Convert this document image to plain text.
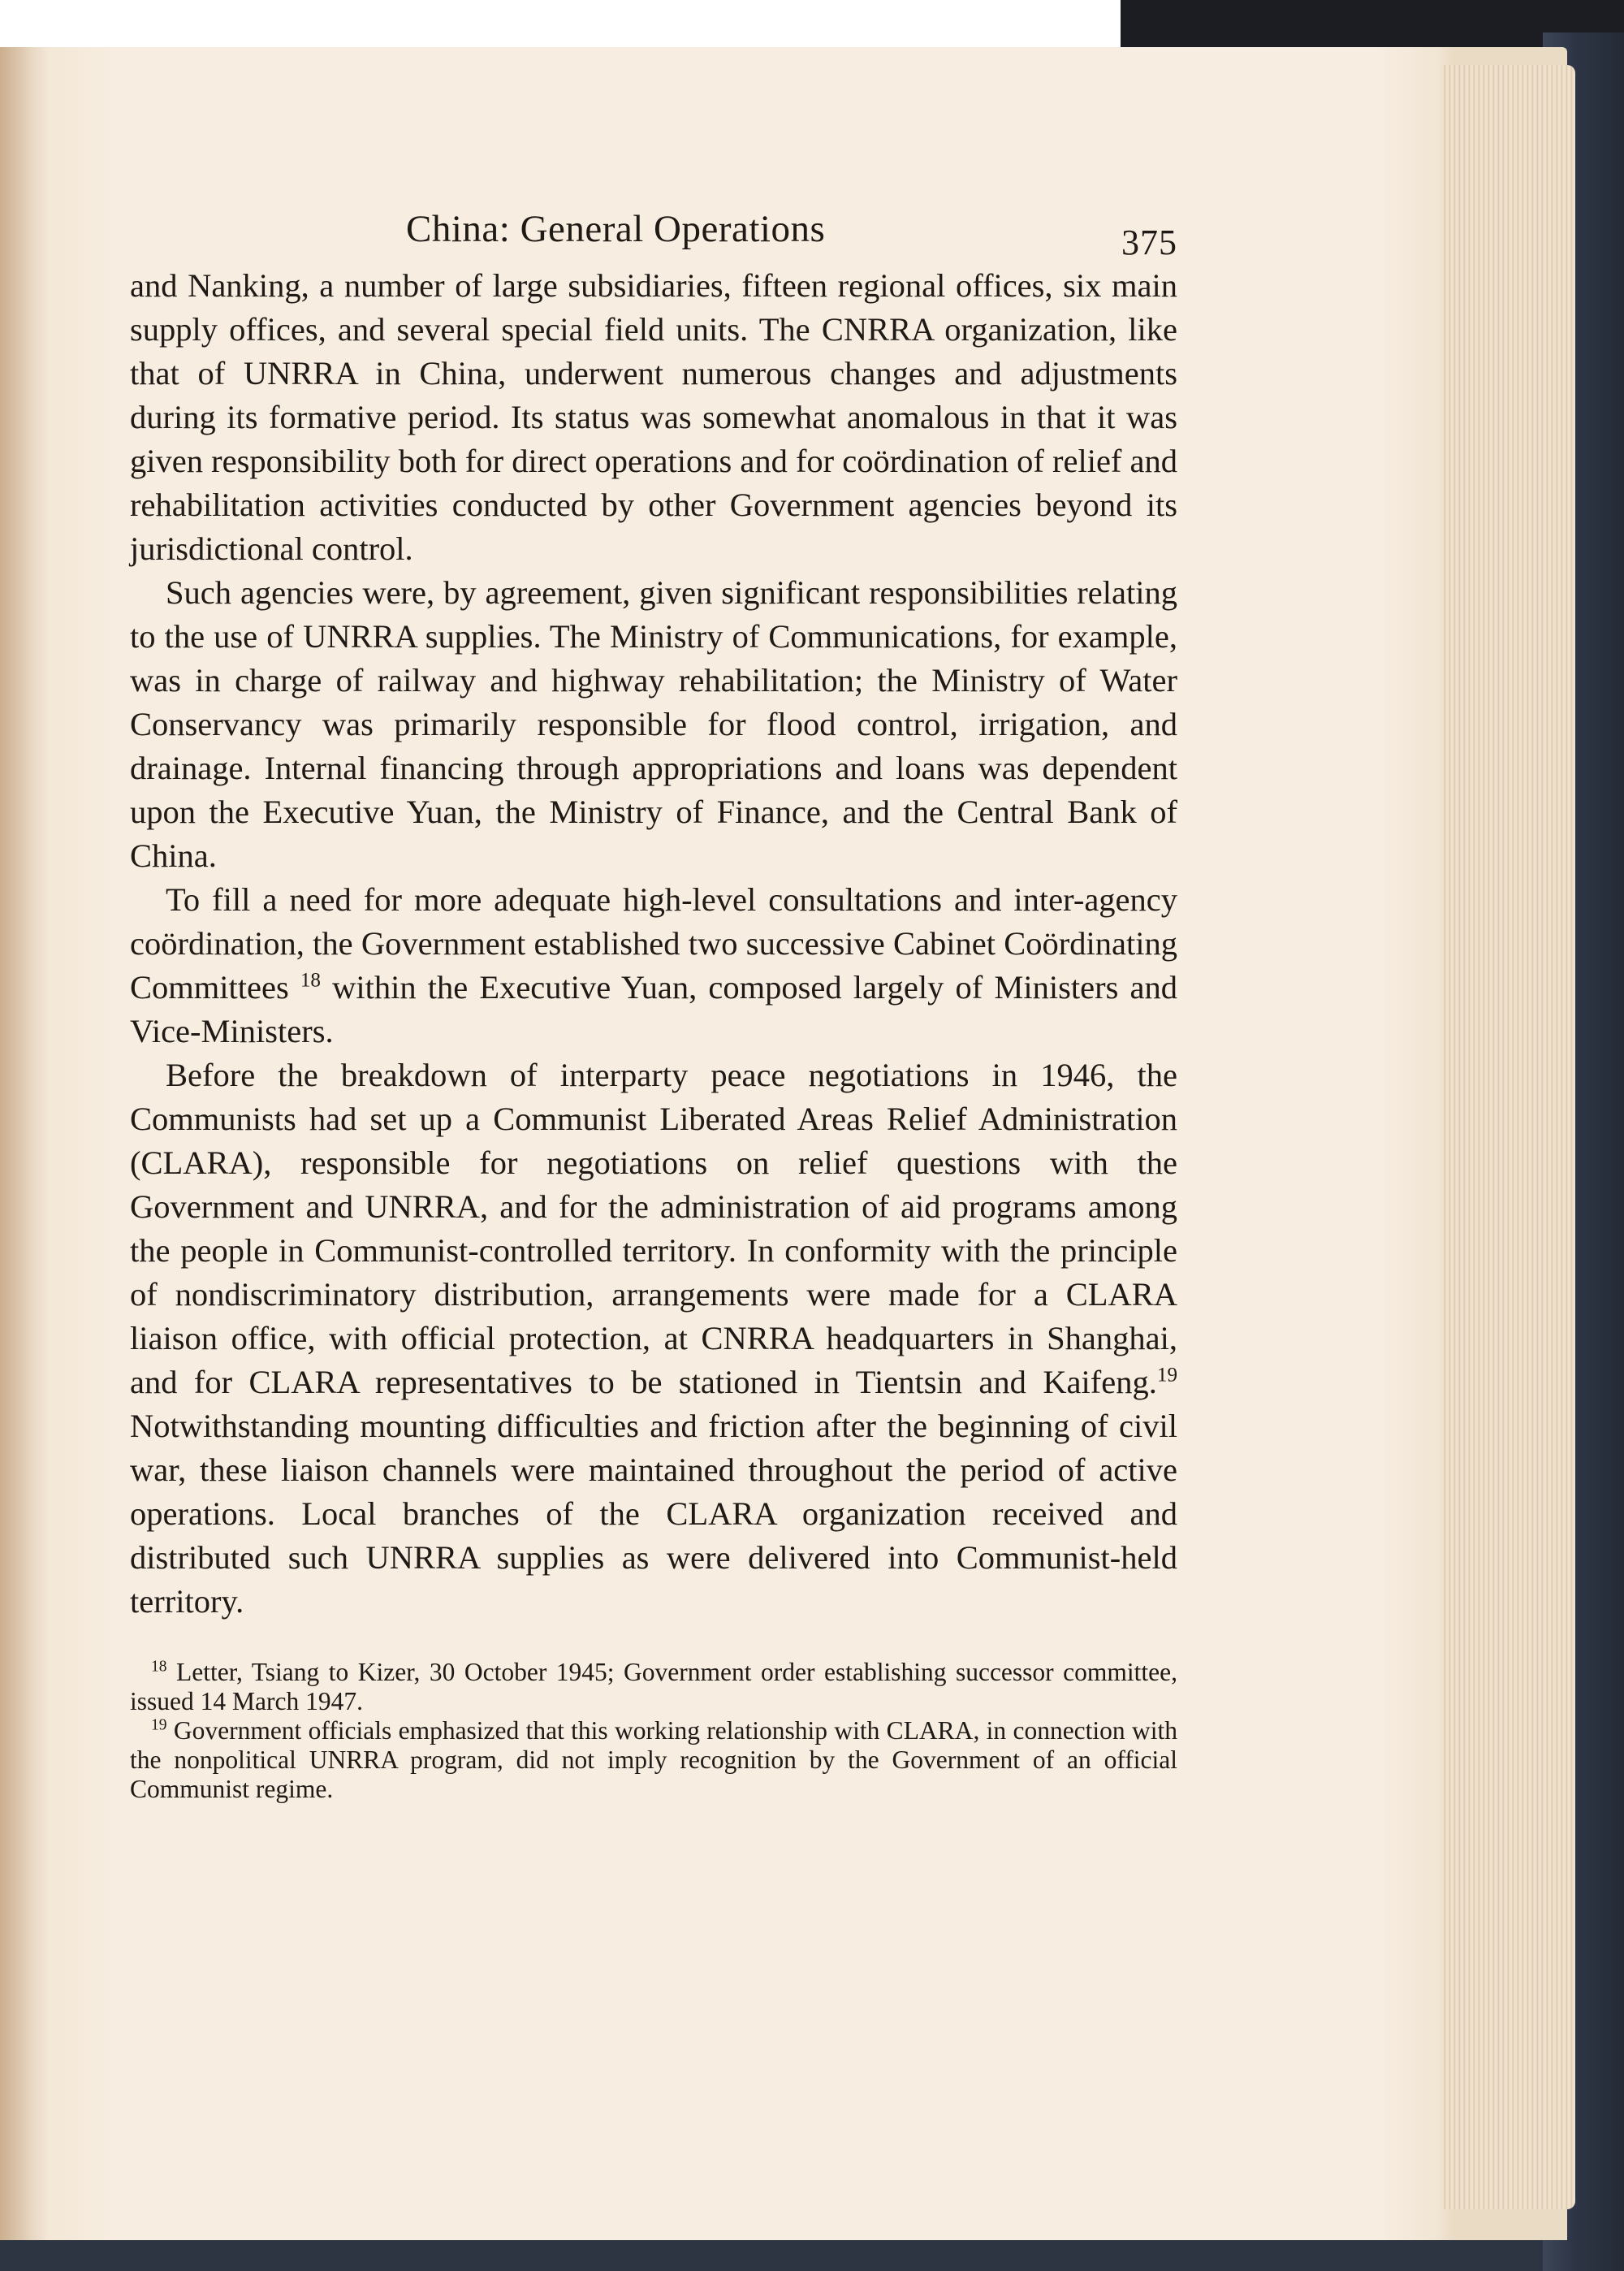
China: General Operations	375

and Nanking, a number of large subsidiaries, fifteen regional offices, six main supply offices, and several special field units. The CNRRA organization, like that of UNRRA in China, underwent numerous changes and adjustments during its formative period. Its status was somewhat anomalous in that it was given responsibility both for direct operations and for coördination of relief and rehabilitation activities conducted by other Government agencies beyond its jurisdictional control.

Such agencies were, by agreement, given significant responsibilities relating to the use of UNRRA supplies. The Ministry of Communications, for example, was in charge of railway and highway rehabilitation; the Ministry of Water Conservancy was primarily responsible for flood control, irrigation, and drainage. Internal financing through appropriations and loans was dependent upon the Executive Yuan, the Ministry of Finance, and the Central Bank of China.

To fill a need for more adequate high-level consultations and inter-agency coördination, the Government established two successive Cabinet Coördinating Committees $^{18}$ within the Executive Yuan, composed largely of Ministers and Vice-Ministers.

Before the breakdown of interparty peace negotiations in 1946, the Communists had set up a Communist Liberated Areas Relief Administration (CLARA), responsible for negotiations on relief questions with the Government and UNRRA, and for the administration of aid programs among the people in Communist-controlled territory. In conformity with the principle of nondiscriminatory distribution, arrangements were made for a CLARA liaison office, with official protection, at CNRRA headquarters in Shanghai, and for CLARA representatives to be stationed in Tientsin and Kaifeng.$^{19}$ Notwithstanding mounting difficulties and friction after the beginning of civil war, these liaison channels were maintained throughout the period of active operations. Local branches of the CLARA organization received and distributed such UNRRA supplies as were delivered into Communist-held territory.

$^{18}$ Letter, Tsiang to Kizer, 30 October 1945; Government order establishing successor committee, issued 14 March 1947.

$^{19}$ Government officials emphasized that this working relationship with CLARA, in connection with the nonpolitical UNRRA program, did not imply recognition by the Government of an official Communist regime.
